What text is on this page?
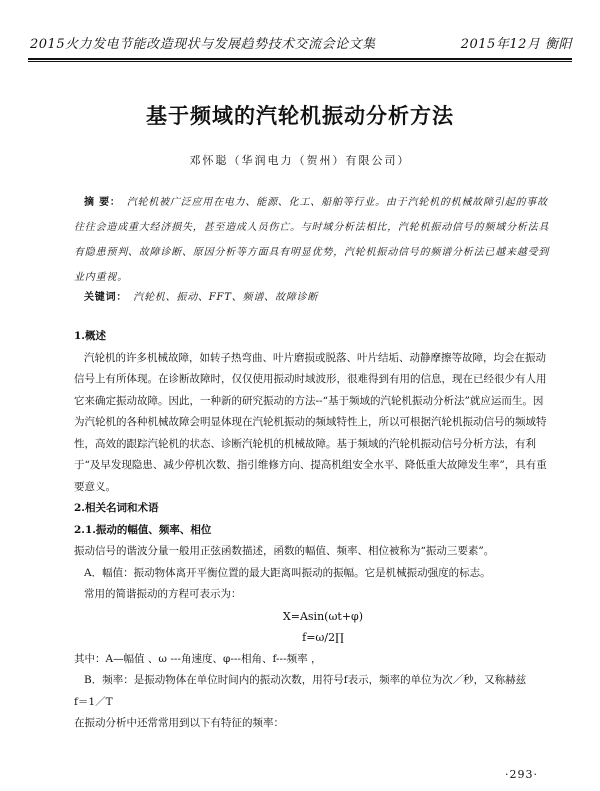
2015火力发电节能改造现状与发展趋势技术交流会论文集	2015年12月 衡阳
基于频域的汽轮机振动分析方法
邓怀聪（华润电力（贺州）有限公司）
摘 要： 汽轮机被广泛应用在电力、能源、化工、船舶等行业。由于汽轮机的机械故障引起的事故往往会造成重大经济损失，甚至造成人员伤亡。与时域分析法相比，汽轮机振动信号的频域分析法具有隐患预判、故障诊断、原因分析等方面具有明显优势，汽轮机振动信号的频谱分析法已越来越受到业内重视。
关键词： 汽轮机、振动、FFT、频谱、故障诊断

1.概述

汽轮机的许多机械故障，如转子热弯曲、叶片磨损或脱落、叶片结垢、动静摩擦等故障，均会在振动信号上有所体现。在诊断故障时，仅仅使用振动时域波形，很难得到有用的信息，现在已经很少有人用它来确定振动故障。因此，一种新的研究振动的方法--“基于频域的汽轮机振动分析法”就应运而生。因为汽轮机的各种机械故障会明显体现在汽轮机振动的频域特性上，所以可根据汽轮机振动信号的频域特性，高效的跟踪汽轮机的状态、诊断汽轮机的机械故障。基于频域的汽轮机振动信号分析方法，有利于“及早发现隐患、减少停机次数、指引维修方向、提高机组安全水平、降低重大故障发生率”，具有重要意义。

2.相关名词和术语

2.1.振动的幅值、频率、相位

振动信号的谐波分量一般用正弦函数描述，函数的幅值、频率、相位被称为“振动三要素”。

A．幅值：振动物体离开平衡位置的最大距离叫振动的振幅。它是机械振动强度的标志。

常用的简谐振动的方程可表示为：

X=Asin(ωt+φ)

f=ω/2∏

其中：A—幅值 、ω ---角速度、φ---相角、f---频率 ，

B．频率：是振动物体在单位时间内的振动次数，用符号f表示，频率的单位为次／秒，又称赫兹

f＝1／T

在振动分析中还常常用到以下有特征的频率：

·293·
